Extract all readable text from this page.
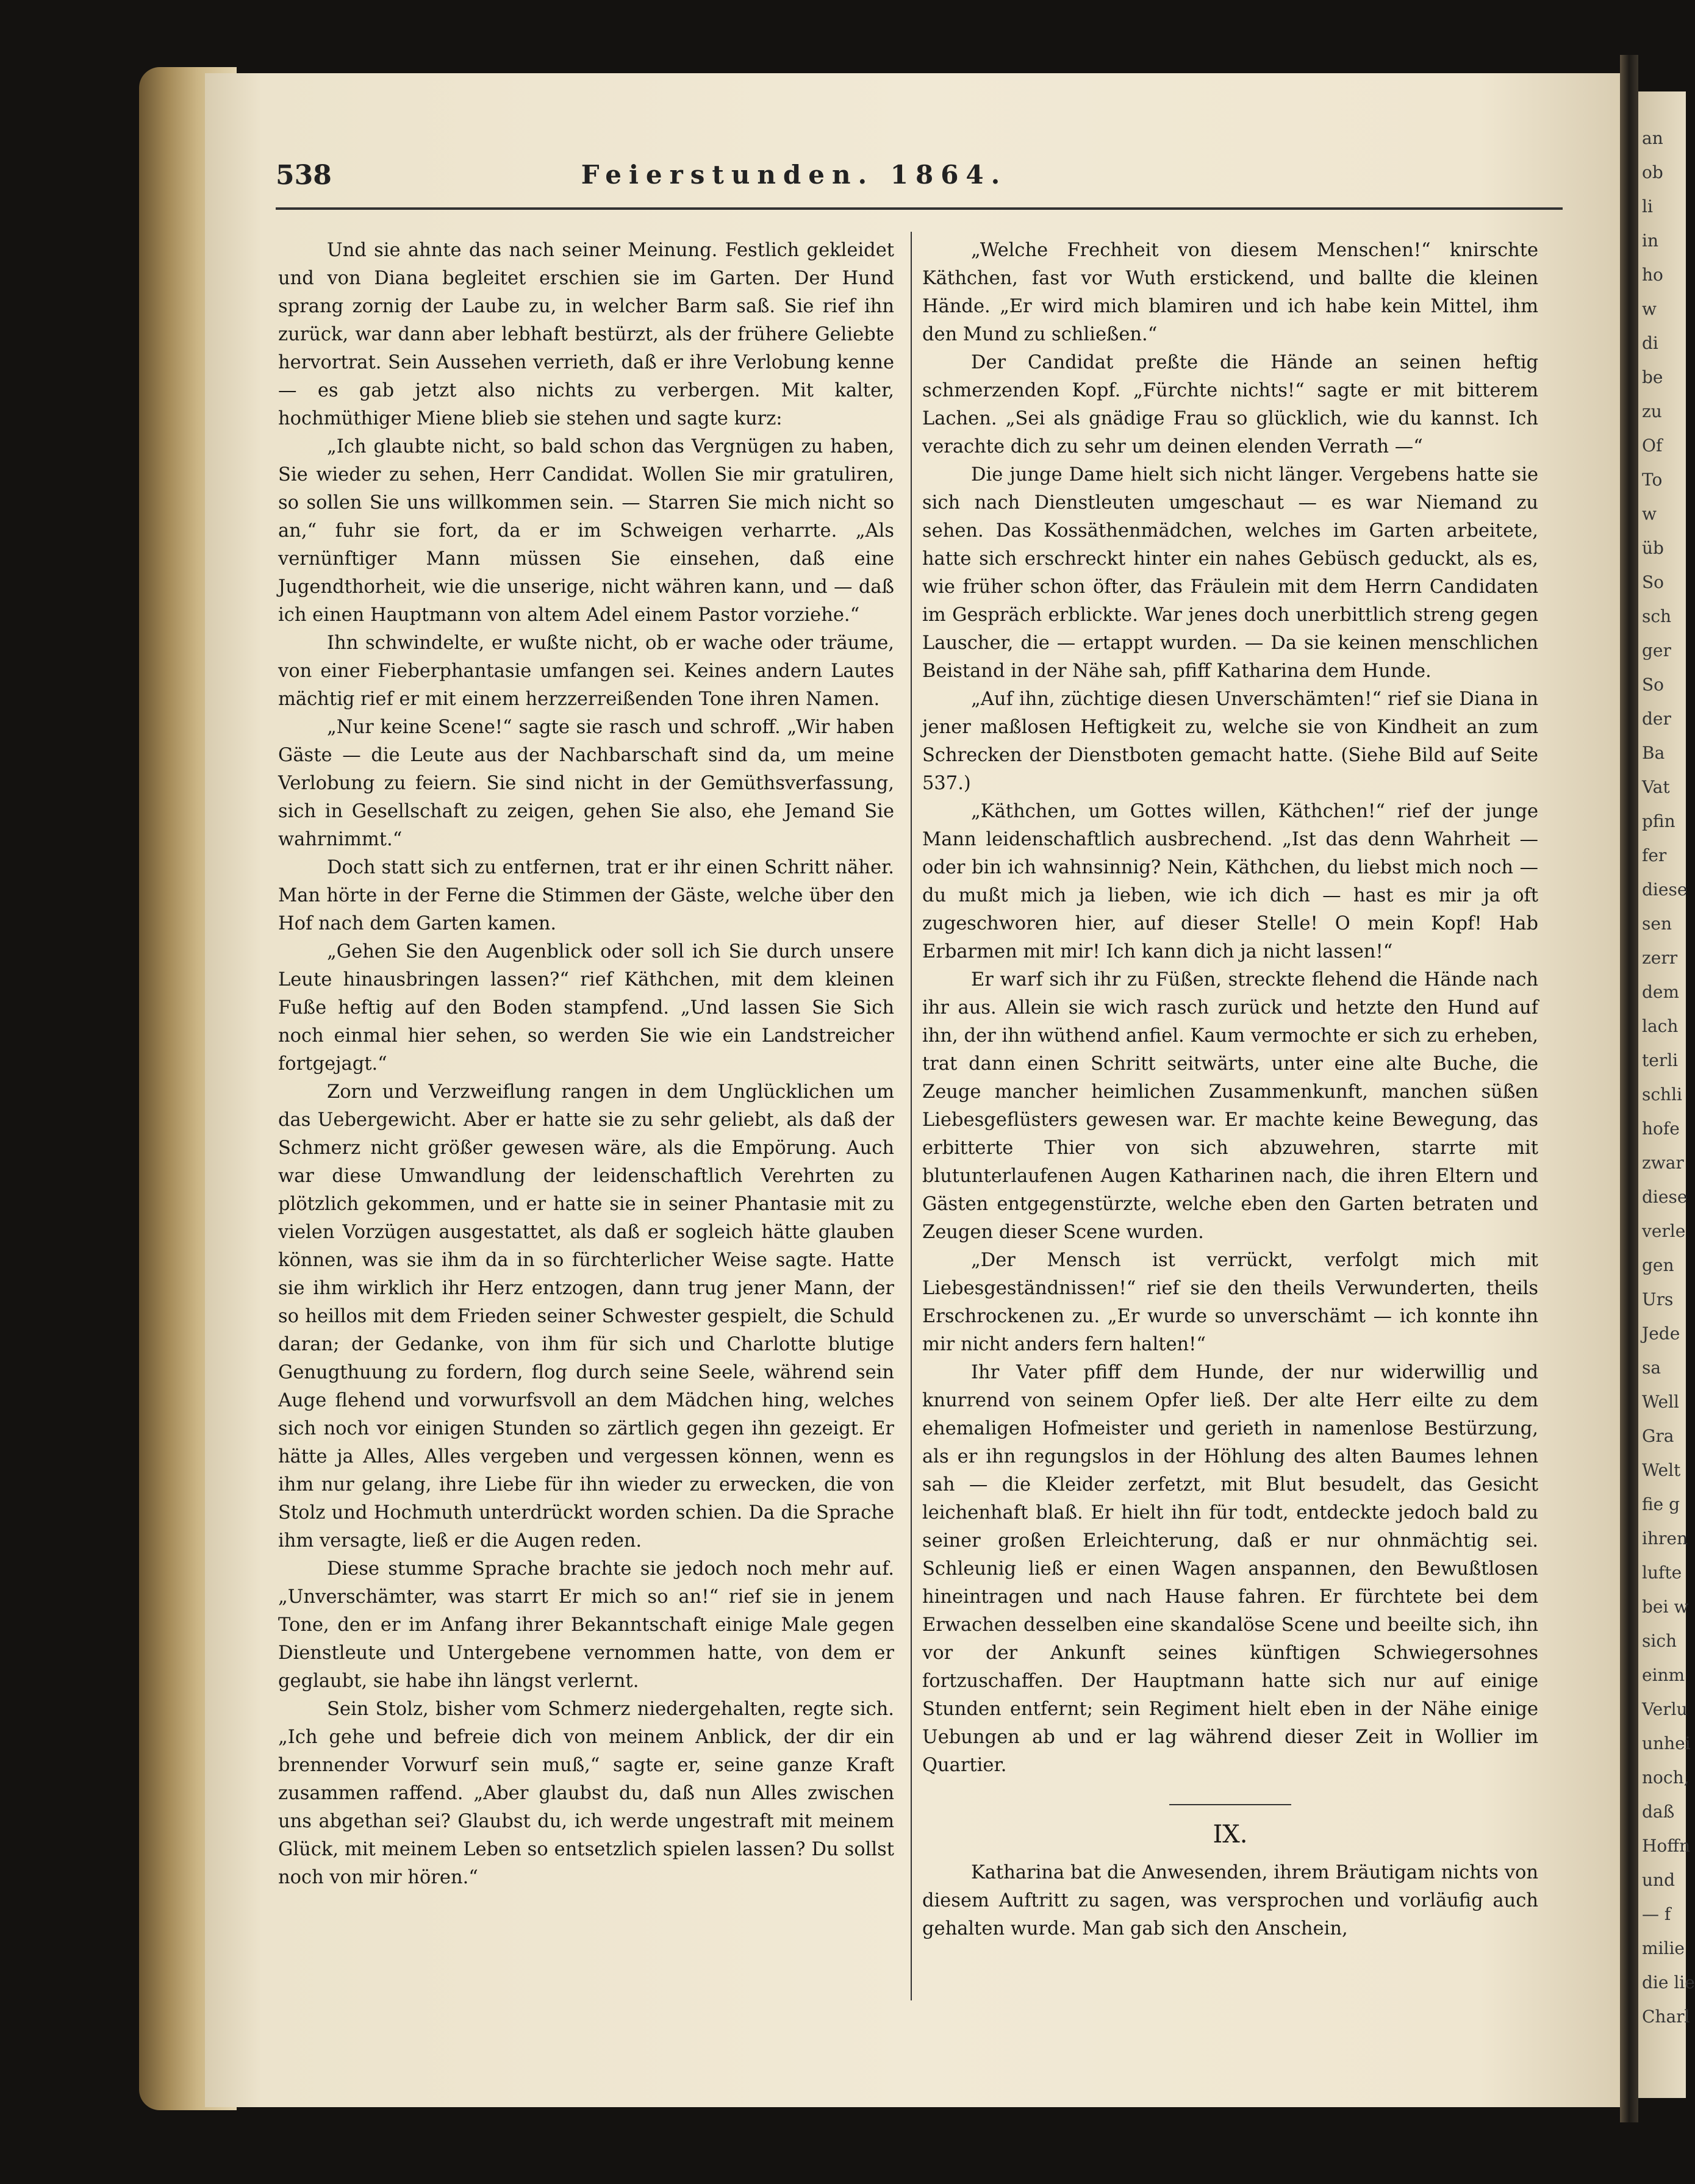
an
ob
li
in
ho
w
di
be
zu
Of
To
w
üb
So
sch
ger
So
der
Ba
Vat
pfin
fer
diese
sen
zerr
dem
lach
terli
schli
hofe
zwar
diese
verle
gen
Urs
Jede
sa
Well
Gra
Welt
fie g
ihren
lufte
bei w
sich
einm
Verlu
unhei
noch,
daß
Hoffn
und
— f
milie
die lie
Charl
538	Feierstunden. 1864.

Und sie ahnte das nach seiner Meinung. Festlich gekleidet und von Diana begleitet erschien sie im Garten. Der Hund sprang zornig der Laube zu, in welcher Barm saß. Sie rief ihn zurück, war dann aber lebhaft bestürzt, als der frühere Geliebte hervortrat. Sein Aussehen verrieth, daß er ihre Verlobung kenne — es gab jetzt also nichts zu verbergen. Mit kalter, hochmüthiger Miene blieb sie stehen und sagte kurz:

„Ich glaubte nicht, so bald schon das Vergnügen zu haben, Sie wieder zu sehen, Herr Candidat. Wollen Sie mir gratuliren, so sollen Sie uns willkommen sein. — Starren Sie mich nicht so an,“ fuhr sie fort, da er im Schweigen verharrte. „Als vernünftiger Mann müssen Sie einsehen, daß eine Jugendthorheit, wie die unserige, nicht währen kann, und — daß ich einen Hauptmann von altem Adel einem Pastor vorziehe.“

Ihn schwindelte, er wußte nicht, ob er wache oder träume, von einer Fieberphantasie umfangen sei. Keines andern Lautes mächtig rief er mit einem herzzerreißenden Tone ihren Namen.

„Nur keine Scene!“ sagte sie rasch und schroff. „Wir haben Gäste — die Leute aus der Nachbarschaft sind da, um meine Verlobung zu feiern. Sie sind nicht in der Gemüthsverfassung, sich in Gesellschaft zu zeigen, gehen Sie also, ehe Jemand Sie wahrnimmt.“

Doch statt sich zu entfernen, trat er ihr einen Schritt näher. Man hörte in der Ferne die Stimmen der Gäste, welche über den Hof nach dem Garten kamen.

„Gehen Sie den Augenblick oder soll ich Sie durch unsere Leute hinausbringen lassen?“ rief Käthchen, mit dem kleinen Fuße heftig auf den Boden stampfend. „Und lassen Sie Sich noch einmal hier sehen, so werden Sie wie ein Landstreicher fortgejagt.“

Zorn und Verzweiflung rangen in dem Unglücklichen um das Uebergewicht. Aber er hatte sie zu sehr geliebt, als daß der Schmerz nicht größer gewesen wäre, als die Empörung. Auch war diese Umwandlung der leidenschaftlich Verehrten zu plötzlich gekommen, und er hatte sie in seiner Phantasie mit zu vielen Vorzügen ausgestattet, als daß er sogleich hätte glauben können, was sie ihm da in so fürchterlicher Weise sagte. Hatte sie ihm wirklich ihr Herz entzogen, dann trug jener Mann, der so heillos mit dem Frieden seiner Schwester gespielt, die Schuld daran; der Gedanke, von ihm für sich und Charlotte blutige Genugthuung zu fordern, flog durch seine Seele, während sein Auge flehend und vorwurfsvoll an dem Mädchen hing, welches sich noch vor einigen Stunden so zärtlich gegen ihn gezeigt. Er hätte ja Alles, Alles vergeben und vergessen können, wenn es ihm nur gelang, ihre Liebe für ihn wieder zu erwecken, die von Stolz und Hochmuth unterdrückt worden schien. Da die Sprache ihm versagte, ließ er die Augen reden.

Diese stumme Sprache brachte sie jedoch noch mehr auf. „Unverschämter, was starrt Er mich so an!“ rief sie in jenem Tone, den er im Anfang ihrer Bekanntschaft einige Male gegen Dienstleute und Untergebene vernommen hatte, von dem er geglaubt, sie habe ihn längst verlernt.

Sein Stolz, bisher vom Schmerz niedergehalten, regte sich. „Ich gehe und befreie dich von meinem Anblick, der dir ein brennender Vorwurf sein muß,“ sagte er, seine ganze Kraft zusammen raffend. „Aber glaubst du, daß nun Alles zwischen uns abgethan sei? Glaubst du, ich werde ungestraft mit meinem Glück, mit meinem Leben so entsetzlich spielen lassen? Du sollst noch von mir hören.“

„Welche Frechheit von diesem Menschen!“ knirschte Käthchen, fast vor Wuth erstickend, und ballte die kleinen Hände. „Er wird mich blamiren und ich habe kein Mittel, ihm den Mund zu schließen.“

Der Candidat preßte die Hände an seinen heftig schmerzenden Kopf. „Fürchte nichts!“ sagte er mit bitterem Lachen. „Sei als gnädige Frau so glücklich, wie du kannst. Ich verachte dich zu sehr um deinen elenden Verrath —“

Die junge Dame hielt sich nicht länger. Vergebens hatte sie sich nach Dienstleuten umgeschaut — es war Niemand zu sehen. Das Kossäthenmädchen, welches im Garten arbeitete, hatte sich erschreckt hinter ein nahes Gebüsch geduckt, als es, wie früher schon öfter, das Fräulein mit dem Herrn Candidaten im Gespräch erblickte. War jenes doch unerbittlich streng gegen Lauscher, die — ertappt wurden. — Da sie keinen menschlichen Beistand in der Nähe sah, pfiff Katharina dem Hunde.

„Auf ihn, züchtige diesen Unverschämten!“ rief sie Diana in jener maßlosen Heftigkeit zu, welche sie von Kindheit an zum Schrecken der Dienstboten gemacht hatte. (Siehe Bild auf Seite 537.)

„Käthchen, um Gottes willen, Käthchen!“ rief der junge Mann leidenschaftlich ausbrechend. „Ist das denn Wahrheit — oder bin ich wahnsinnig? Nein, Käthchen, du liebst mich noch — du mußt mich ja lieben, wie ich dich — hast es mir ja oft zugeschworen hier, auf dieser Stelle! O mein Kopf! Hab Erbarmen mit mir! Ich kann dich ja nicht lassen!“

Er warf sich ihr zu Füßen, streckte flehend die Hände nach ihr aus. Allein sie wich rasch zurück und hetzte den Hund auf ihn, der ihn wüthend anfiel. Kaum vermochte er sich zu erheben, trat dann einen Schritt seitwärts, unter eine alte Buche, die Zeuge mancher heimlichen Zusammenkunft, manchen süßen Liebesgeflüsters gewesen war. Er machte keine Bewegung, das erbitterte Thier von sich abzuwehren, starrte mit blutunterlaufenen Augen Katharinen nach, die ihren Eltern und Gästen entgegenstürzte, welche eben den Garten betraten und Zeugen dieser Scene wurden.

„Der Mensch ist verrückt, verfolgt mich mit Liebesgeständnissen!“ rief sie den theils Verwunderten, theils Erschrockenen zu. „Er wurde so unverschämt — ich konnte ihn mir nicht anders fern halten!“

Ihr Vater pfiff dem Hunde, der nur widerwillig und knurrend von seinem Opfer ließ. Der alte Herr eilte zu dem ehemaligen Hofmeister und gerieth in namenlose Bestürzung, als er ihn regungslos in der Höhlung des alten Baumes lehnen sah — die Kleider zerfetzt, mit Blut besudelt, das Gesicht leichenhaft blaß. Er hielt ihn für todt, entdeckte jedoch bald zu seiner großen Erleichterung, daß er nur ohnmächtig sei. Schleunig ließ er einen Wagen anspannen, den Bewußtlosen hineintragen und nach Hause fahren. Er fürchtete bei dem Erwachen desselben eine skandalöse Scene und beeilte sich, ihn vor der Ankunft seines künftigen Schwiegersohnes fortzuschaffen. Der Hauptmann hatte sich nur auf einige Stunden entfernt; sein Regiment hielt eben in der Nähe einige Uebungen ab und er lag während dieser Zeit in Wollier im Quartier.

IX.

Katharina bat die Anwesenden, ihrem Bräutigam nichts von diesem Auftritt zu sagen, was versprochen und vorläufig auch gehalten wurde. Man gab sich den Anschein,
